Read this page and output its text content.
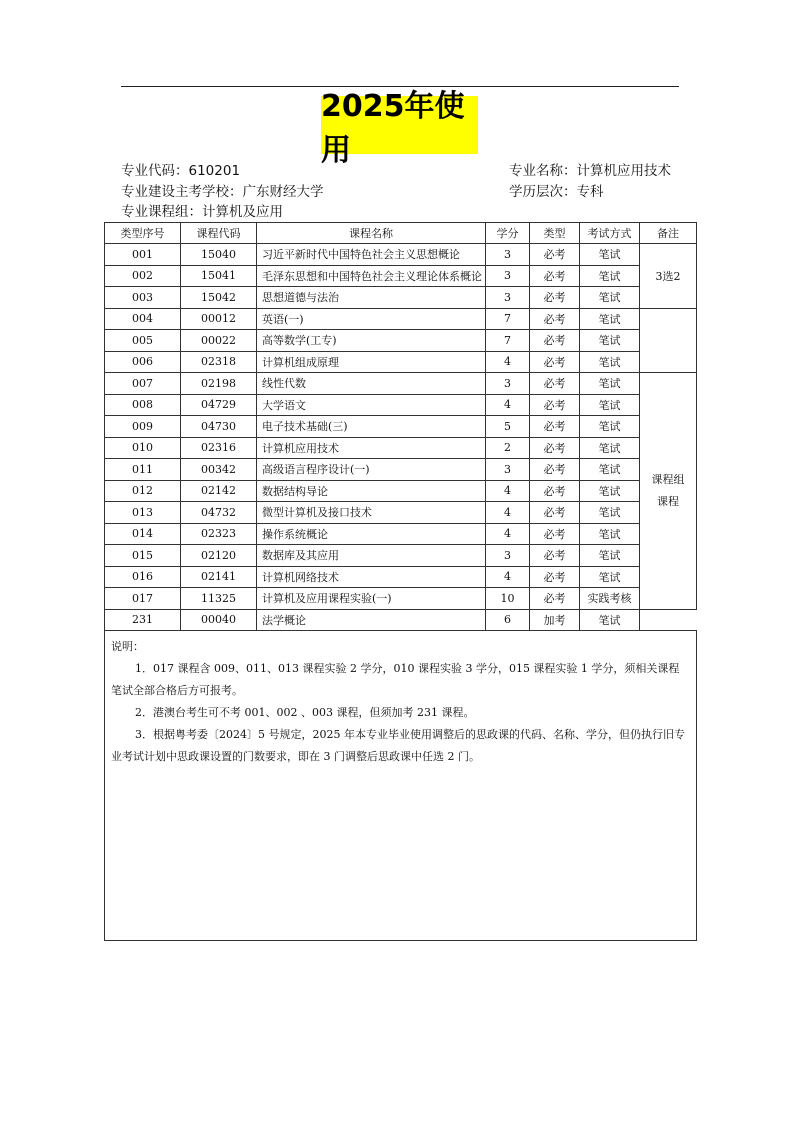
2025年使用
专业代码：610201	专业名称：计算机应用技术
专业建设主考学校：广东财经大学	学历层次：专科
专业课程组：计算机及应用
类型序号	课程代码	课程名称	学分	类型	考试方式	备注
001	15040	习近平新时代中国特色社会主义思想概论	3	必考	笔试	3选2
002	15041	毛泽东思想和中国特色社会主义理论体系概论	3	必考	笔试	
003	15042	思想道德与法治	3	必考	笔试	
004	00012	英语(一)	7	必考	笔试	
005	00022	高等数学(工专)	7	必考	笔试	
006	02318	计算机组成原理	4	必考	笔试	
007	02198	线性代数	3	必考	笔试	课程组
课程
008	04729	大学语文	4	必考	笔试	
009	04730	电子技术基础(三)	5	必考	笔试	
010	02316	计算机应用技术	2	必考	笔试	
011	00342	高级语言程序设计(一)	3	必考	笔试	
012	02142	数据结构导论	4	必考	笔试	
013	04732	微型计算机及接口技术	4	必考	笔试	
014	02323	操作系统概论	4	必考	笔试	
015	02120	数据库及其应用	3	必考	笔试	
016	02141	计算机网络技术	4	必考	笔试	
017	11325	计算机及应用课程实验(一)	10	必考	实践考核	
231	00040	法学概论	6	加考	笔试	

说明：

1．017 课程含 009、011、013 课程实验 2 学分，010 课程实验 3 学分，015 课程实验 1 学分，须相关课程笔试全部合格后方可报考。

2．港澳台考生可不考 001、002 、003 课程，但须加考 231 课程。

3．根据粤考委〔2024〕5 号规定，2025 年本专业毕业使用调整后的思政课的代码、名称、学分，但仍执行旧专业考试计划中思政课设置的门数要求，即在 3 门调整后思政课中任选 2 门。						
